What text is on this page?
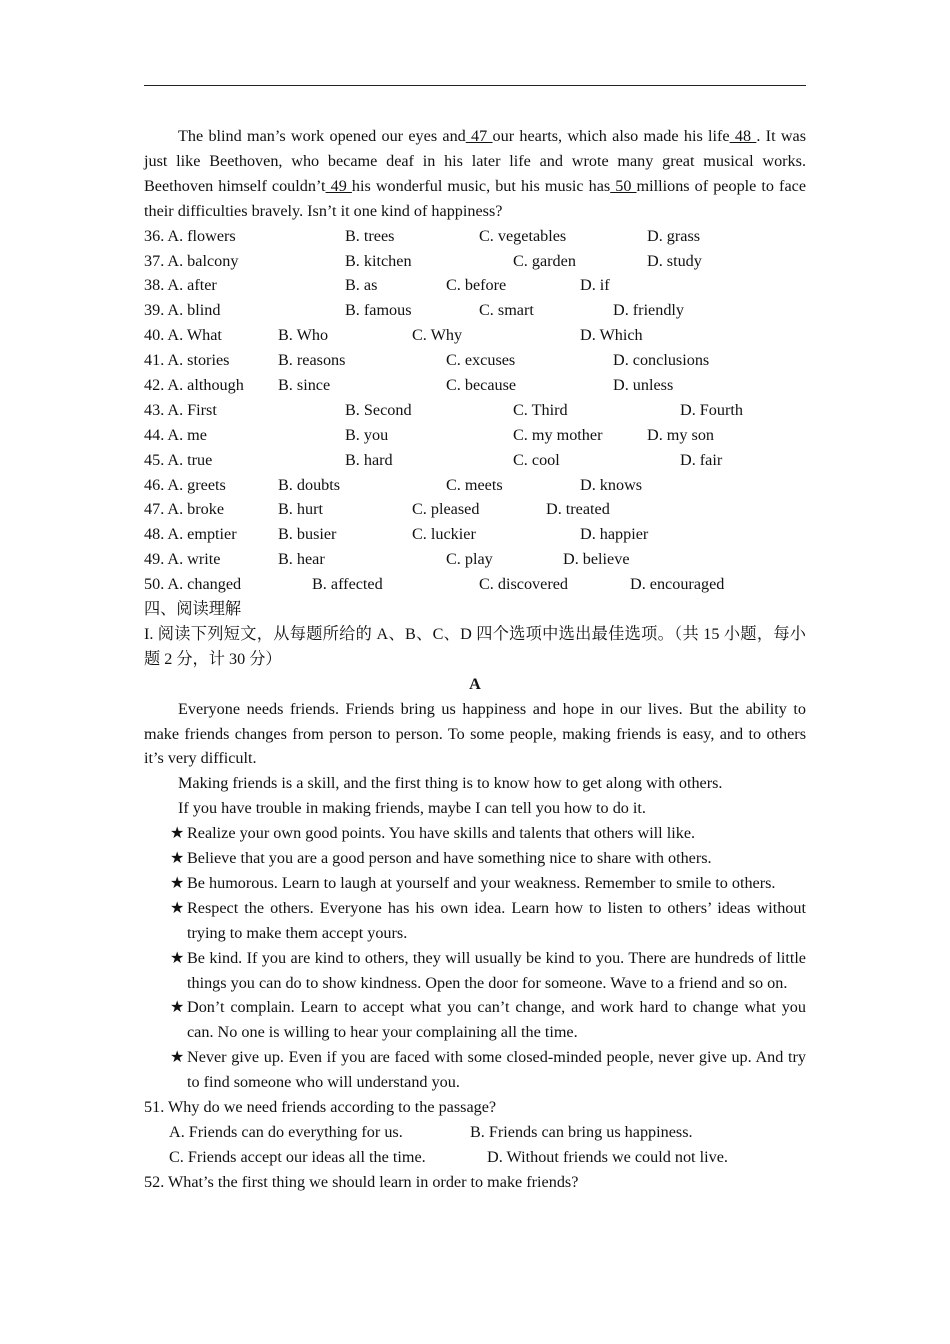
The blind man’s work opened our eyes and 47 our hearts, which also made his life 48 . It was just like Beethoven, who became deaf in his later life and wrote many great musical works. Beethoven himself couldn’t 49 his wonderful music, but his music has 50 millions of people to face their difficulties bravely. Isn’t it one kind of happiness?
36. A. flowers	B. trees	C. vegetables	D. grass
37. A. balcony	B. kitchen	C. garden	D. study
38. A. after	B. as	C. before	D. if
39. A. blind	B. famous	C. smart	D. friendly
40. A. What	B. Who	C. Why	D. Which
41. A. stories	B. reasons	C. excuses	D. conclusions
42. A. although B. since	C. because	D. unless
43. A. First	B. Second	C. Third	D. Fourth
44. A. me	B. you	C. my mother	D. my son
45. A. true	B. hard	C. cool	D. fair
46. A. greets	B. doubts	C. meets	D. knows
47. A. broke	B. hurt	C. pleased	D. treated
48. A. emptier	B. busier	C. luckier	D. happier
49. A. write	B. hear	C. play	D. believe
50. A. changed	B. affected	C. discovered	D. encouraged
四、阅读理解
I. 阅读下列短文，从每题所给的 A、B、C、D 四个选项中选出最佳选项。（共 15 小题，每小题 2 分，计 30 分）
A
Everyone needs friends. Friends bring us happiness and hope in our lives. But the ability to make friends changes from person to person. To some people, making friends is easy, and to others it’s very difficult.
Making friends is a skill, and the first thing is to know how to get along with others.
If you have trouble in making friends, maybe I can tell you how to do it.
★ Realize your own good points. You have skills and talents that others will like.
★ Believe that you are a good person and have something nice to share with others.
★ Be humorous. Learn to laugh at yourself and your weakness. Remember to smile to others.
★ Respect the others. Everyone has his own idea. Learn how to listen to others’ ideas without trying to make them accept yours.
★ Be kind. If you are kind to others, they will usually be kind to you. There are hundreds of little things you can do to show kindness. Open the door for someone. Wave to a friend and so on.
★ Don’t complain. Learn to accept what you can’t change, and work hard to change what you can. No one is willing to hear your complaining all the time.
★ Never give up. Even if you are faced with some closed-minded people, never give up. And try to find someone who will understand you.
51. Why do we need friends according to the passage?
A. Friends can do everything for us.	B. Friends can bring us happiness.
C. Friends accept our ideas all the time.	D. Without friends we could not live.
52. What’s the first thing we should learn in order to make friends?
